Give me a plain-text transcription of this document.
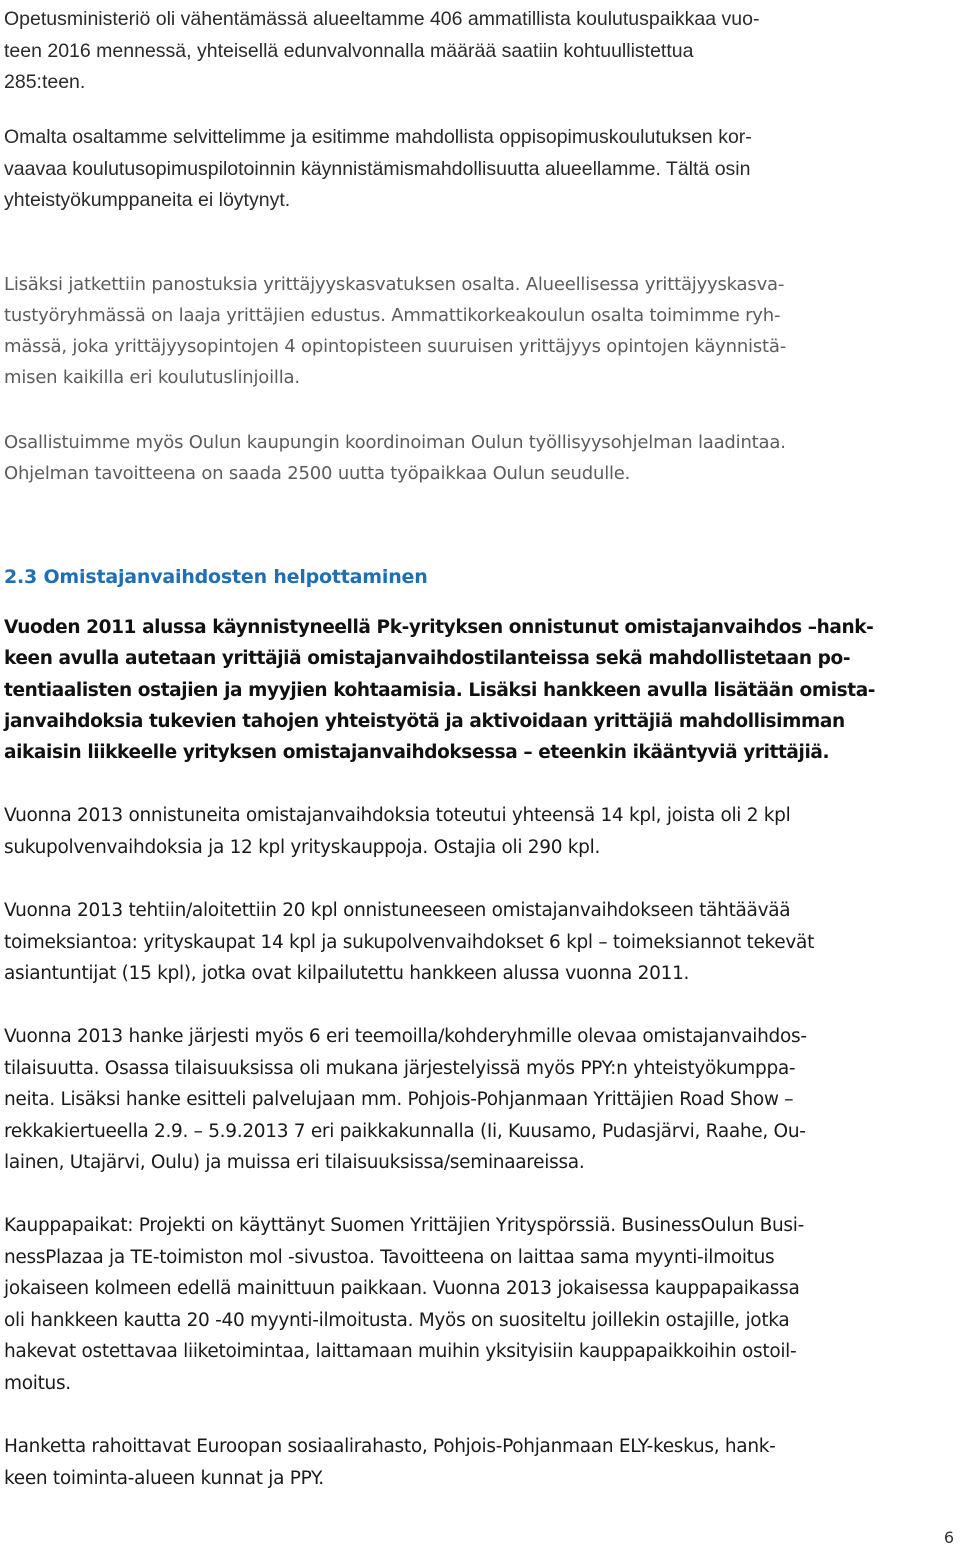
Opetusministeriö oli vähentämässä alueeltamme 406 ammatillista koulutuspaikkaa vuo-
teen 2016 mennessä, yhteisellä edunvalvonnalla määrää saatiin kohtuullistettua
285:teen.

Omalta osaltamme selvittelimme ja esitimme mahdollista oppisopimuskoulutuksen kor-
vaavaa koulutusopimuspilotoinnin käynnistämismahdollisuutta alueellamme. Tältä osin
yhteistyökumppaneita ei löytynyt.

Lisäksi jatkettiin panostuksia yrittäjyyskasvatuksen osalta. Alueellisessa yrittäjyyskasva-
tustyöryhmässä on laaja yrittäjien edustus. Ammattikorkeakoulun osalta toimimme ryh-
mässä, joka yrittäjyysopintojen 4 opintopisteen suuruisen yrittäjyys opintojen käynnistä-
misen kaikilla eri koulutuslinjoilla.

Osallistuimme myös Oulun kaupungin koordinoiman Oulun työllisyysohjelman laadintaa.
Ohjelman tavoitteena on saada 2500 uutta työpaikkaa Oulun seudulle.

2.3 Omistajanvaihdosten helpottaminen

Vuoden 2011 alussa käynnistyneellä Pk-yrityksen onnistunut omistajanvaihdos –hank-
keen avulla autetaan yrittäjiä omistajanvaihdostilanteissa sekä mahdollistetaan po-
tentiaalisten ostajien ja myyjien kohtaamisia. Lisäksi hankkeen avulla lisätään omista-
janvaihdoksia tukevien tahojen yhteistyötä ja aktivoidaan yrittäjiä mahdollisimman
aikaisin liikkeelle yrityksen omistajanvaihdoksessa – eteenkin ikääntyviä yrittäjiä.

Vuonna 2013 onnistuneita omistajanvaihdoksia toteutui yhteensä 14 kpl, joista oli 2 kpl
sukupolvenvaihdoksia ja 12 kpl yrityskauppoja. Ostajia oli 290 kpl.

Vuonna 2013 tehtiin/aloitettiin 20 kpl onnistuneeseen omistajanvaihdokseen tähtäävää
toimeksiantoa: yrityskaupat 14 kpl ja sukupolvenvaihdokset 6 kpl – toimeksiannot tekevät
asiantuntijat (15 kpl), jotka ovat kilpailutettu hankkeen alussa vuonna 2011.

Vuonna 2013 hanke järjesti myös 6 eri teemoilla/kohderyhmille olevaa omistajanvaihdos-
tilaisuutta. Osassa tilaisuuksissa oli mukana järjestelyissä myös PPY:n yhteistyökumppa-
neita. Lisäksi hanke esitteli palvelujaan mm. Pohjois-Pohjanmaan Yrittäjien Road Show –
rekkakiertueella 2.9. – 5.9.2013 7 eri paikkakunnalla (Ii, Kuusamo, Pudasjärvi, Raahe, Ou-
lainen, Utajärvi, Oulu) ja muissa eri tilaisuuksissa/seminaareissa.

Kauppapaikat: Projekti on käyttänyt Suomen Yrittäjien Yrityspörssiä. BusinessOulun Busi-
nessPlazaa ja TE-toimiston mol -sivustoa. Tavoitteena on laittaa sama myynti-ilmoitus
jokaiseen kolmeen edellä mainittuun paikkaan. Vuonna 2013 jokaisessa kauppapaikassa
oli hankkeen kautta 20 -40 myynti-ilmoitusta. Myös on suositeltu joillekin ostajille, jotka
hakevat ostettavaa liiketoimintaa, laittamaan muihin yksityisiin kauppapaikkoihin ostoil-
moitus.

Hanketta rahoittavat Euroopan sosiaalirahasto, Pohjois-Pohjanmaan ELY-keskus, hank-
keen toiminta-alueen kunnat ja PPY.

6
